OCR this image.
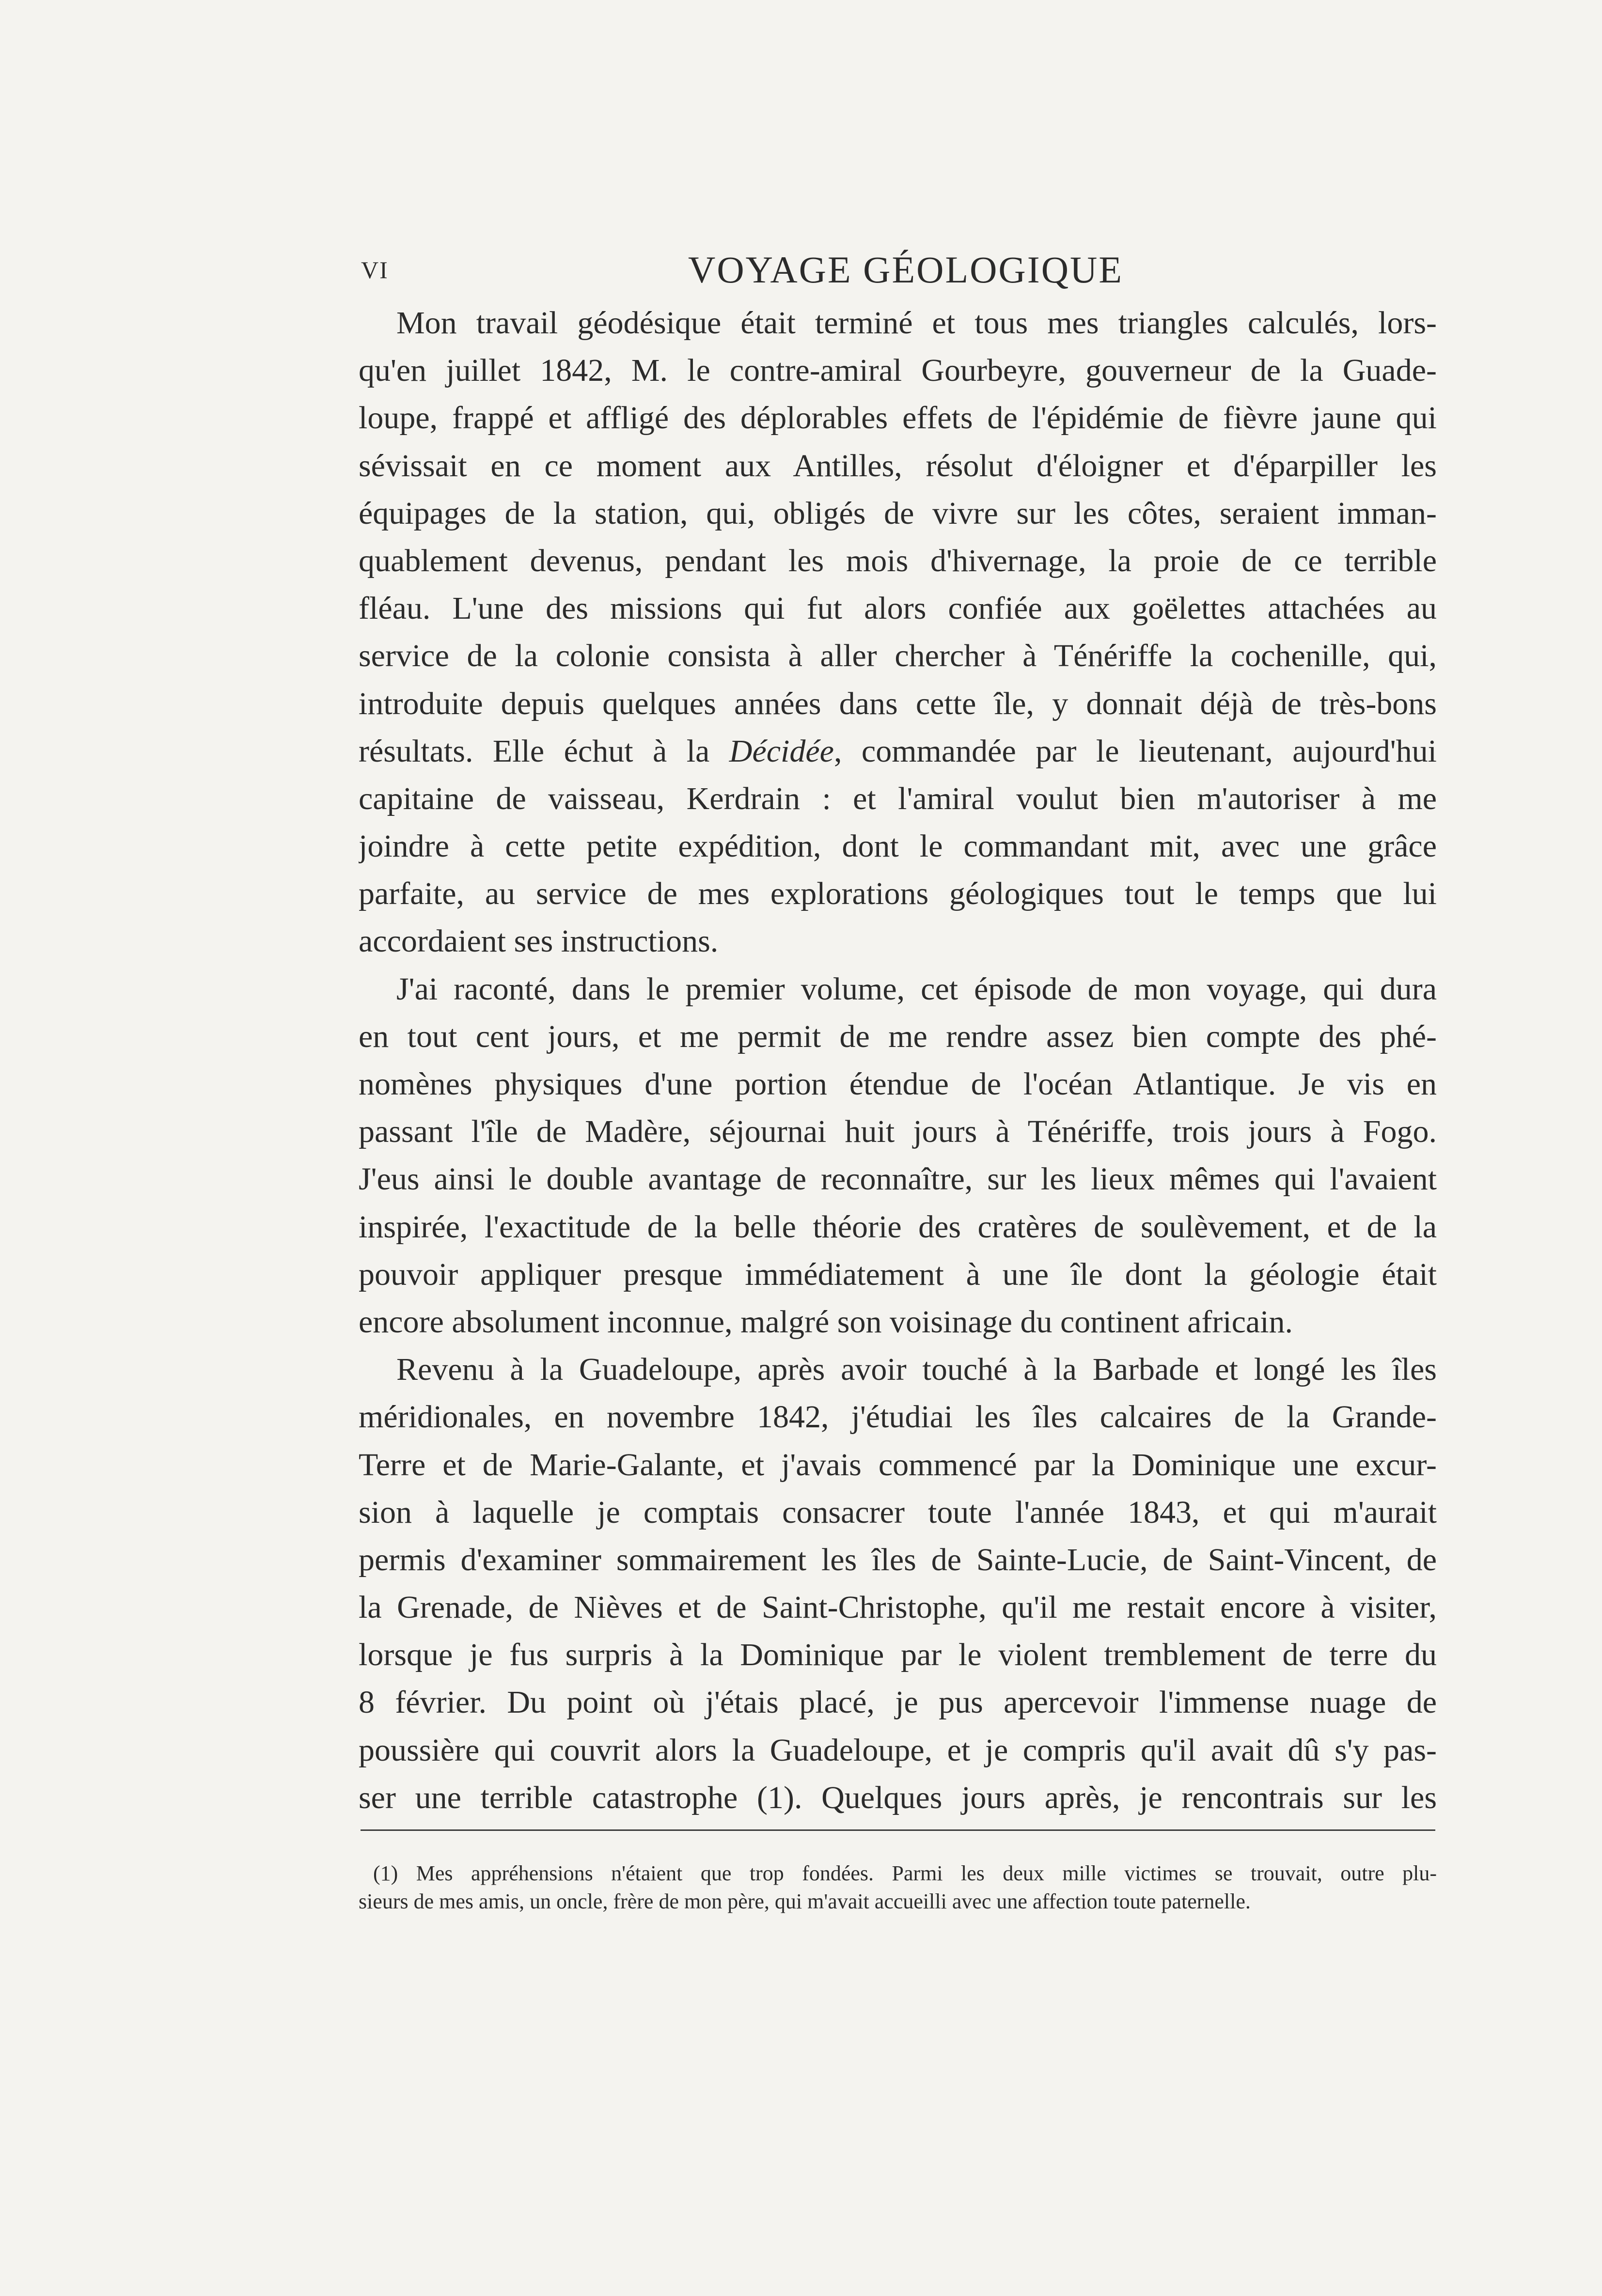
VI	VOYAGE GÉOLOGIQUE
Mon travail géodésique était terminé et tous mes triangles calculés, lors-
qu'en juillet 1842, M. le contre-amiral Gourbeyre, gouverneur de la Guade-
loupe, frappé et affligé des déplorables effets de l'épidémie de fièvre jaune qui
sévissait en ce moment aux Antilles, résolut d'éloigner et d'éparpiller les
équipages de la station, qui, obligés de vivre sur les côtes, seraient imman-
quablement devenus, pendant les mois d'hivernage, la proie de ce terrible
fléau. L'une des missions qui fut alors confiée aux goëlettes attachées au
service de la colonie consista à aller chercher à Ténériffe la cochenille, qui,
introduite depuis quelques années dans cette île, y donnait déjà de très-bons
résultats. Elle échut à la Décidée, commandée par le lieutenant, aujourd'hui
capitaine de vaisseau, Kerdrain : et l'amiral voulut bien m'autoriser à me
joindre à cette petite expédition, dont le commandant mit, avec une grâce
parfaite, au service de mes explorations géologiques tout le temps que lui
accordaient ses instructions.
J'ai raconté, dans le premier volume, cet épisode de mon voyage, qui dura
en tout cent jours, et me permit de me rendre assez bien compte des phé-
nomènes physiques d'une portion étendue de l'océan Atlantique. Je vis en
passant l'île de Madère, séjournai huit jours à Ténériffe, trois jours à Fogo.
J'eus ainsi le double avantage de reconnaître, sur les lieux mêmes qui l'avaient
inspirée, l'exactitude de la belle théorie des cratères de soulèvement, et de la
pouvoir appliquer presque immédiatement à une île dont la géologie était
encore absolument inconnue, malgré son voisinage du continent africain.
Revenu à la Guadeloupe, après avoir touché à la Barbade et longé les îles
méridionales, en novembre 1842, j'étudiai les îles calcaires de la Grande-
Terre et de Marie-Galante, et j'avais commencé par la Dominique une excur-
sion à laquelle je comptais consacrer toute l'année 1843, et qui m'aurait
permis d'examiner sommairement les îles de Sainte-Lucie, de Saint-Vincent, de
la Grenade, de Nièves et de Saint-Christophe, qu'il me restait encore à visiter,
lorsque je fus surpris à la Dominique par le violent tremblement de terre du
8 février. Du point où j'étais placé, je pus apercevoir l'immense nuage de
poussière qui couvrit alors la Guadeloupe, et je compris qu'il avait dû s'y pas-
ser une terrible catastrophe (1). Quelques jours après, je rencontrais sur les
(1) Mes appréhensions n'étaient que trop fondées. Parmi les deux mille victimes se trouvait, outre plu-
sieurs de mes amis, un oncle, frère de mon père, qui m'avait accueilli avec une affection toute paternelle.
